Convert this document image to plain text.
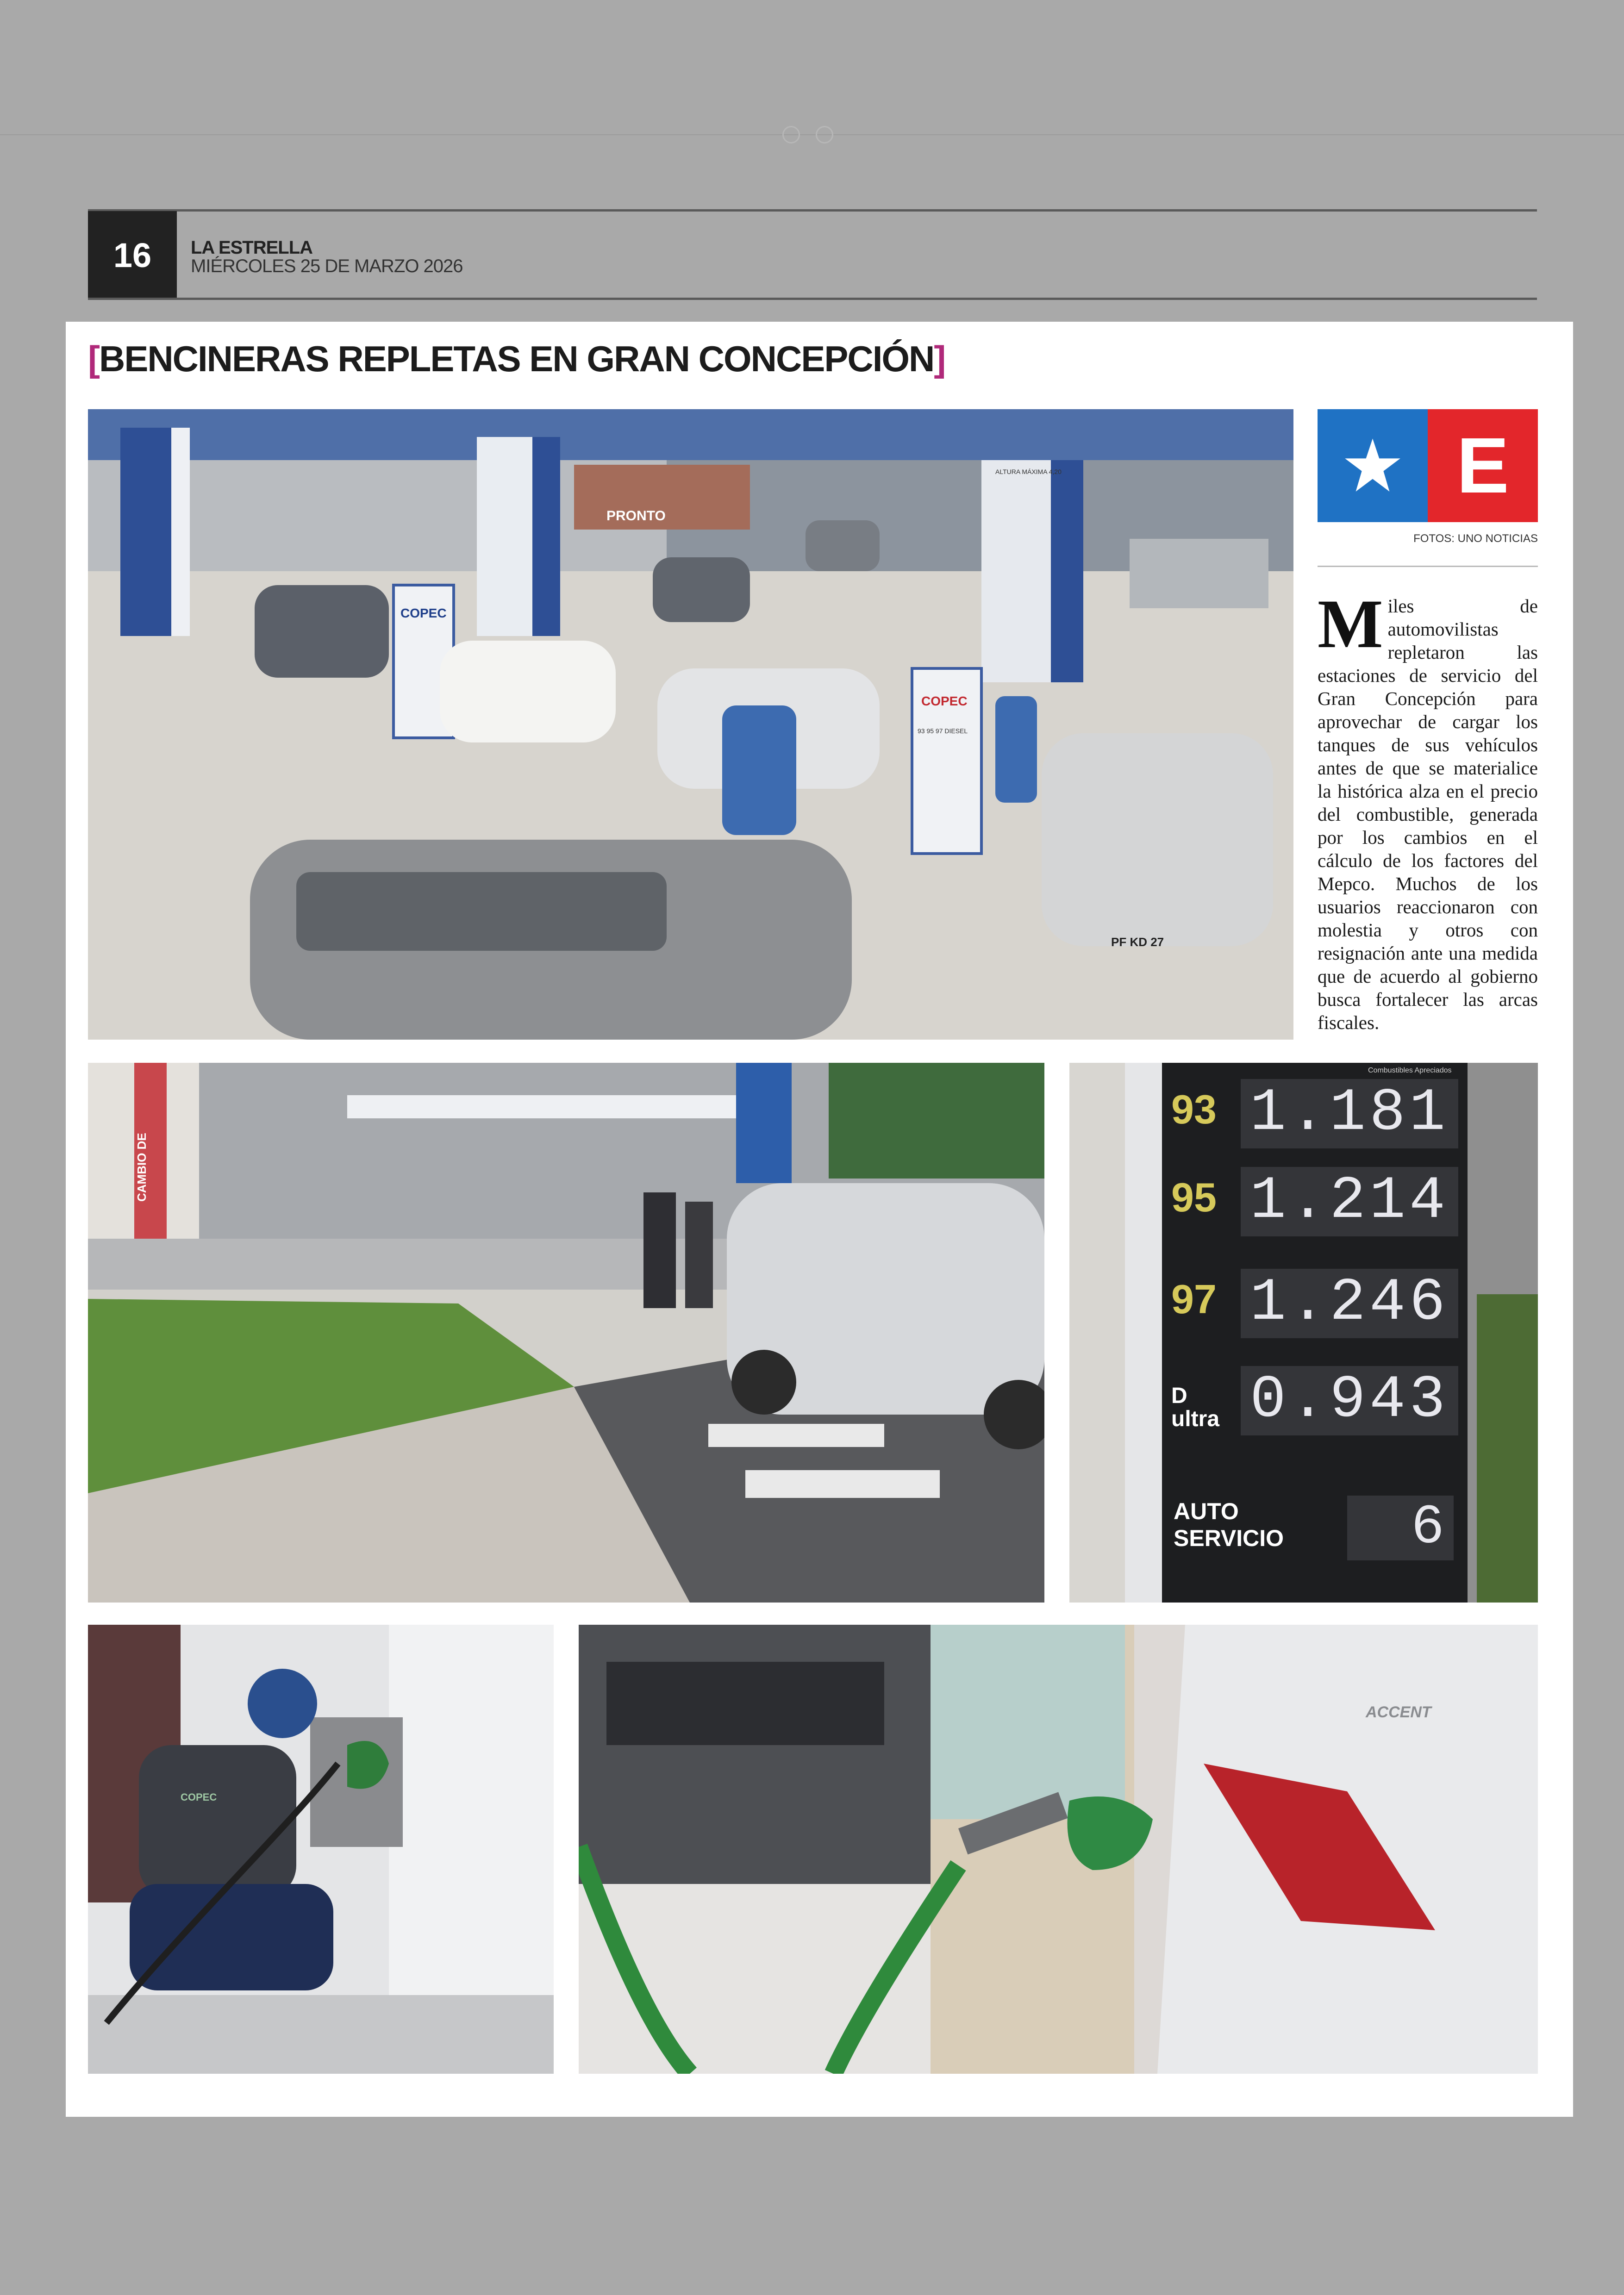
16	LA ESTRELLA
MIÉRCOLES 25 DE MARZO 2026
[BENCINERAS REPLETAS EN GRAN CONCEPCIÓN]
PRONTO
ALTURA MÁXIMA 4,20
COPEC
COPEC
93 95 97 DIESEL
PF KD 27
E
FOTOS: UNO NOTICIAS
Miles de automovilistas repletaron las estaciones de servicio del Gran Concepción para aprovechar de cargar los tanques de sus vehículos antes de que se materialice la histórica alza en el precio del combustible, generada por los cambios en el cálculo de los factores del Mepco. Muchos de los usuarios reaccionaron con molestia y otros con resignación ante una medida que de acuerdo al gobierno busca fortalecer las arcas fiscales.
CAMBIO DE
Combustibles Apreciados
93 1.181
95 1.214
97 1.246
D ultra 0.943
AUTO SERVICIO	6
COPEC
ACCENT
